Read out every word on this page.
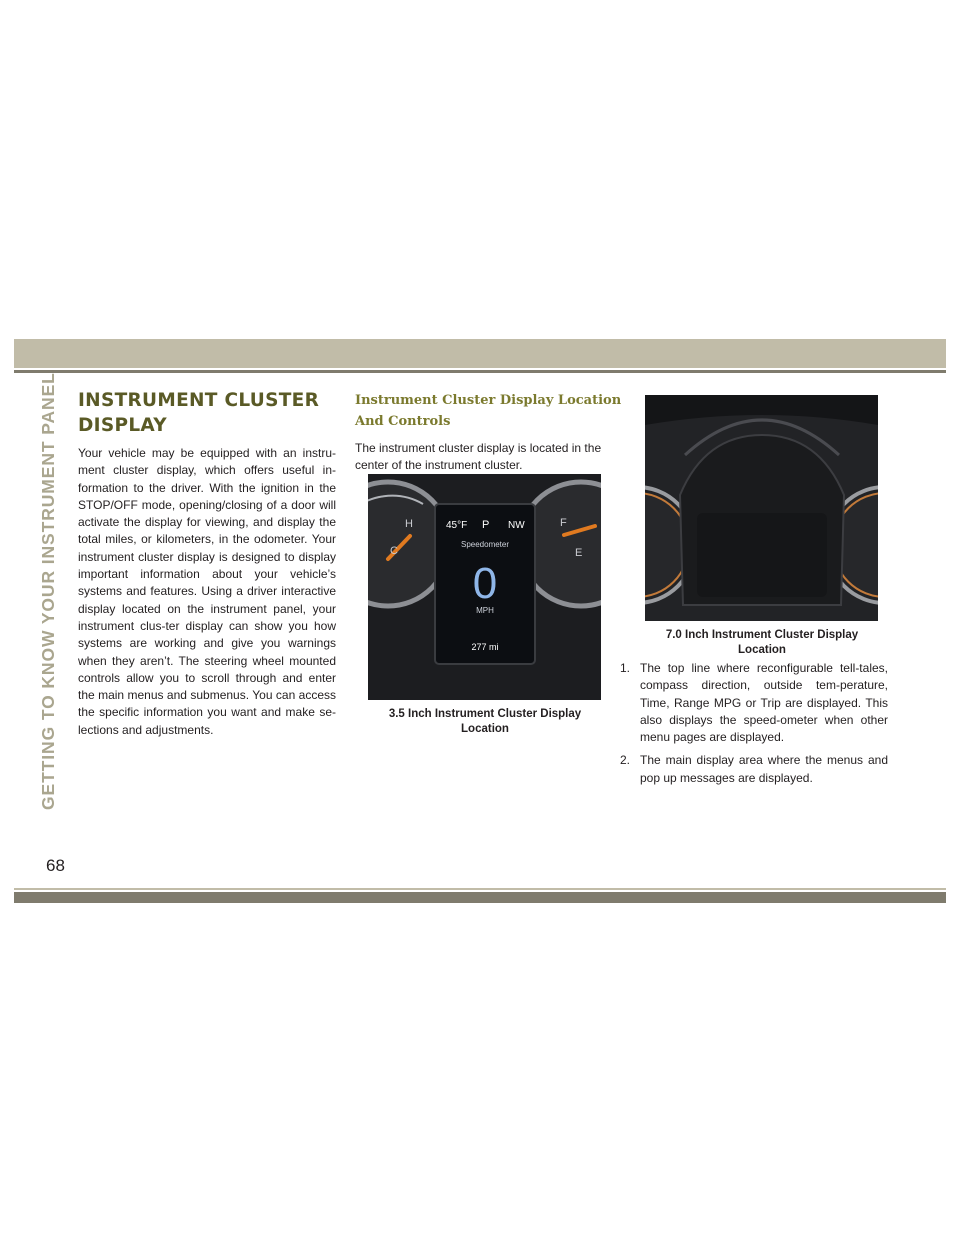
GETTING TO KNOW YOUR INSTRUMENT PANEL INSTRUMENT CLUSTER DISPLAY

Your vehicle may be equipped with an instru-ment cluster display, which offers useful in-formation to the driver. With the ignition in the STOP/OFF mode, opening/closing of a door will activate the display for viewing, and display the total miles, or kilometers, in the odometer. Your instrument cluster display is designed to display important information about your vehicle’s systems and features. Using a driver interactive display located on the instrument panel, your instrument clus-ter display can show you how systems are working and give you warnings when they aren’t. The steering wheel mounted controls allow you to scroll through and enter the main menus and submenus. You can access the specific information you want and make se-lections and adjustments.

Instrument Cluster Display Location And Controls

The instrument cluster display is located in the center of the instrument cluster.

H
C
F
E
45°F P NW
Speedometer
0
MPH
277 mi
3.5 Inch Instrument Cluster Display
Location
7.0 Inch Instrument Cluster Display
Location
1. The top line where reconfigurable tell-tales, compass direction, outside tem-perature, Time, Range MPG or Trip are displayed. This also displays the speed-ometer when other menu pages are displayed.

2. The main display area where the menus and pop up messages are displayed.

68
